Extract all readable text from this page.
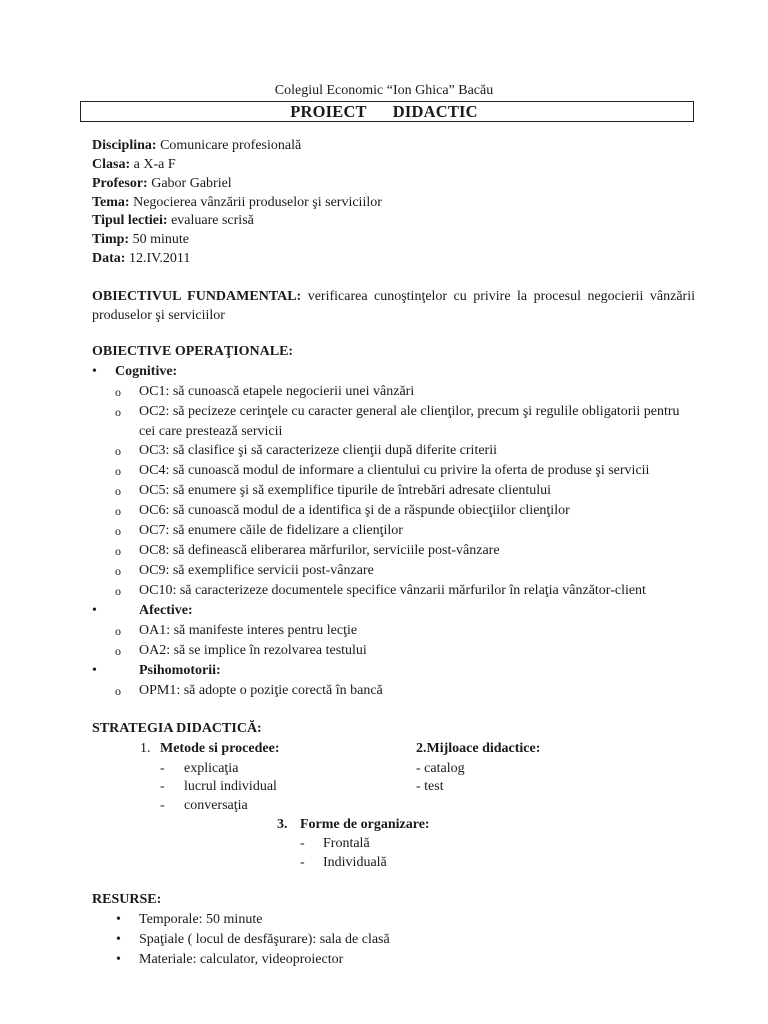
Colegiul Economic “Ion Ghica” Bacău
PROIECT DIDACTIC
Disciplina: Comunicare profesională
Clasa: a X-a F
Profesor: Gabor Gabriel
Tema: Negocierea vânzării produselor şi serviciilor
Tipul lectiei: evaluare scrisă
Timp: 50 minute
Data: 12.IV.2011
OBIECTIVUL FUNDAMENTAL: verificarea cunoştinţelor cu privire la procesul negocierii vânzării produselor şi serviciilor
OBIECTIVE OPERAŢIONALE:
• Cognitive:
o OC1: să cunoască etapele negocierii unei vânzări
o OC2: să pecizeze cerinţele cu caracter general ale clienţilor, precum şi regulile obligatorii pentru
cei care prestează servicii
o OC3: să clasifice şi să caracterizeze clienţii după diferite criterii
o OC4: să cunoască modul de informare a clientului cu privire la oferta de produse şi servicii
o OC5: să enumere şi să exemplifice tipurile de întrebări adresate clientului
o OC6: să cunoască modul de a identifica şi de a răspunde obiecţiilor clienţilor
o OC7: să enumere căile de fidelizare a clienţilor
o OC8: să definească eliberarea mărfurilor, serviciile post-vânzare
o OC9: să exemplifice servicii post-vânzare
o OC10: să caracterizeze documentele specifice vânzarii mărfurilor în relaţia vânzător-client
•	Afective:
o OA1: să manifeste interes pentru lecţie
o OA2: să se implice în rezolvarea testului
•	Psihomotorii:
o OPM1: să adopte o poziţie corectă în bancă
STRATEGIA DIDACTICĂ:
1. Metode si procedee:	2.Mijloace didactice:
- explicaţia	- catalog
- lucrul individual	- test
- conversaţia
3. Forme de organizare:
- Frontală
- Individuală
RESURSE:
• Temporale: 50 minute
• Spaţiale ( locul de desfăşurare): sala de clasă
• Materiale: calculator, videoproiector
